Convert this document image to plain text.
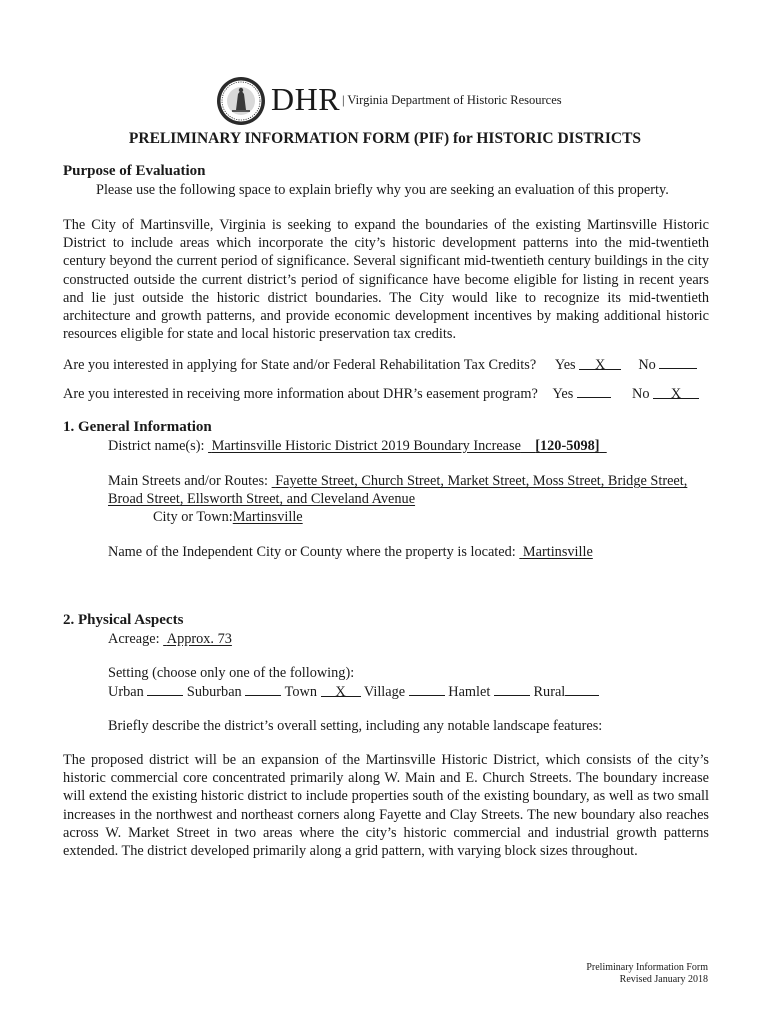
DHR | Virginia Department of Historic Resources
PRELIMINARY INFORMATION FORM (PIF) for HISTORIC DISTRICTS
Purpose of Evaluation
Please use the following space to explain briefly why you are seeking an evaluation of this property.
The City of Martinsville, Virginia is seeking to expand the boundaries of the existing Martinsville Historic District to include areas which incorporate the city’s historic development patterns into the mid-twentieth century beyond the current period of significance. Several significant mid-twentieth century buildings in the city constructed outside the current district’s period of significance have become eligible for listing in recent years and lie just outside the historic district boundaries. The City would like to recognize its mid-twentieth architecture and growth patterns, and provide economic development incentives by making additional historic resources eligible for state and local historic preservation tax credits.
Are you interested in applying for State and/or Federal Rehabilitation Tax Credits? Yes X No
Are you interested in receiving more information about DHR’s easement program? Yes	No X
1. General Information
District name(s): Martinsville Historic District 2019 Boundary Increase [120-5098]
Main Streets and/or Routes: Fayette Street, Church Street, Market Street, Moss Street, Bridge Street,
Broad Street, Ellsworth Street, and Cleveland Avenue
City or Town:Martinsville
Name of the Independent City or County where the property is located: Martinsville
2. Physical Aspects
Acreage: Approx. 73
Setting (choose only one of the following):
Urban	Suburban	Town X Village	Hamlet	Rural
Briefly describe the district’s overall setting, including any notable landscape features:
The proposed district will be an expansion of the Martinsville Historic District, which consists of the city’s historic commercial core concentrated primarily along W. Main and E. Church Streets. The boundary increase will extend the existing historic district to include properties south of the existing boundary, as well as two small increases in the northwest and northeast corners along Fayette and Clay Streets. The new boundary also reaches across W. Market Street in two areas where the city’s historic commercial and industrial growth patterns extended. The district developed primarily along a grid pattern, with varying block sizes throughout.
Preliminary Information Form
Revised January 2018
